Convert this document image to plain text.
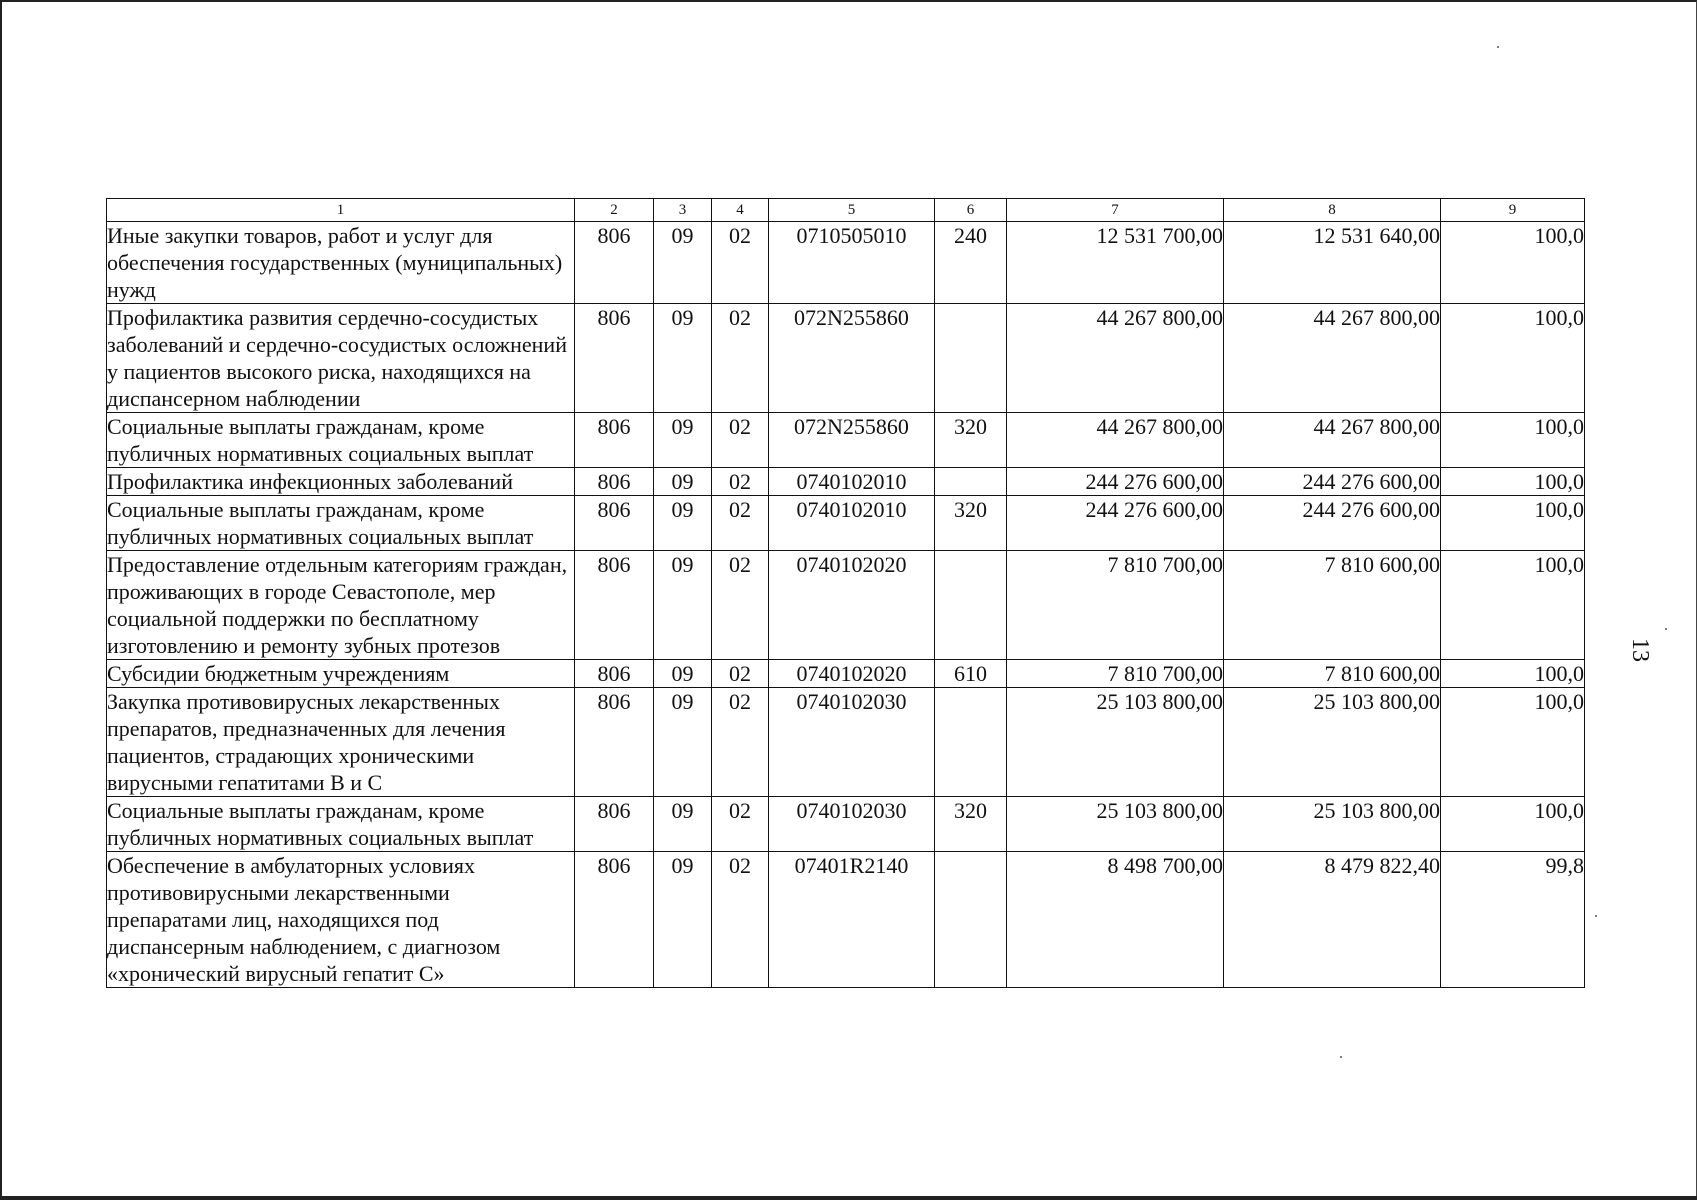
13
1	2	3	4	5	6	7	8	9
Иные закупки товаров, работ и услуг для обеспечения государственных (муниципальных) нужд	806	09	02	0710505010	240	12 531 700,00	12 531 640,00	100,0
Профилактика развития сердечно-сосудистых заболеваний и сердечно-сосудистых осложнений у пациентов высокого риска, находящихся на диспансерном наблюдении	806	09	02	072N255860		44 267 800,00	44 267 800,00	100,0
Социальные выплаты гражданам, кроме публичных нормативных социальных выплат	806	09	02	072N255860	320	44 267 800,00	44 267 800,00	100,0
Профилактика инфекционных заболеваний	806	09	02	0740102010		244 276 600,00	244 276 600,00	100,0
Социальные выплаты гражданам, кроме публичных нормативных социальных выплат	806	09	02	0740102010	320	244 276 600,00	244 276 600,00	100,0
Предоставление отдельным категориям граждан, проживающих в городе Севастополе, мер социальной поддержки по бесплатному изготовлению и ремонту зубных протезов	806	09	02	0740102020		7 810 700,00	7 810 600,00	100,0
Субсидии бюджетным учреждениям	806	09	02	0740102020	610	7 810 700,00	7 810 600,00	100,0
Закупка противовирусных лекарственных препаратов, предназначенных для лечения пациентов, страдающих хроническими вирусными гепатитами В и С	806	09	02	0740102030		25 103 800,00	25 103 800,00	100,0
Социальные выплаты гражданам, кроме публичных нормативных социальных выплат	806	09	02	0740102030	320	25 103 800,00	25 103 800,00	100,0
Обеспечение в амбулаторных условиях противовирусными лекарственными препаратами лиц, находящихся под диспансерным наблюдением, с диагнозом «хронический вирусный гепатит С»	806	09	02	07401R2140		8 498 700,00	8 479 822,40	99,8
